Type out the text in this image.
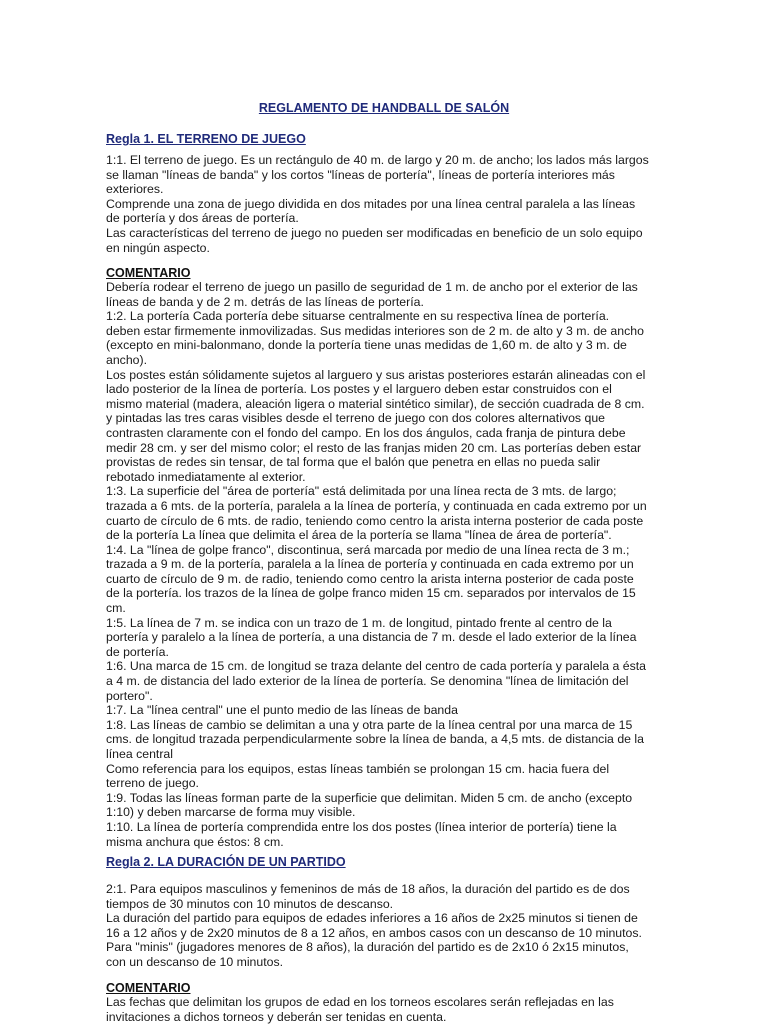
REGLAMENTO DE HANDBALL DE SALÓN
Regla 1. EL TERRENO DE JUEGO

1:1. El terreno de juego. Es un rectángulo de 40 m. de largo y 20 m. de ancho; los lados más largos

se llaman "líneas de banda" y los cortos "líneas de portería", líneas de portería interiores más

exteriores.

Comprende una zona de juego dividida en dos mitades por una línea central paralela a las líneas

de portería y dos áreas de portería.

Las características del terreno de juego no pueden ser modificadas en beneficio de un solo equipo

en ningún aspecto.

COMENTARIO

Debería rodear el terreno de juego un pasillo de seguridad de 1 m. de ancho por el exterior de las

líneas de banda y de 2 m. detrás de las líneas de portería.

1:2. La portería Cada portería debe situarse centralmente en su respectiva línea de portería.

deben estar firmemente inmovilizadas. Sus medidas interiores son de 2 m. de alto y 3 m. de ancho

(excepto en mini-balonmano, donde la portería tiene unas medidas de 1,60 m. de alto y 3 m. de

ancho).

Los postes están sólidamente sujetos al larguero y sus aristas posteriores estarán alineadas con el

lado posterior de la línea de portería. Los postes y el larguero deben estar construidos con el

mismo material (madera, aleación ligera o material sintético similar), de sección cuadrada de 8 cm.

y pintadas las tres caras visibles desde el terreno de juego con dos colores alternativos que

contrasten claramente con el fondo del campo. En los dos ángulos, cada franja de pintura debe

medir 28 cm. y ser del mismo color; el resto de las franjas miden 20 cm. Las porterías deben estar

provistas de redes sin tensar, de tal forma que el balón que penetra en ellas no pueda salir

rebotado inmediatamente al exterior.

1:3. La superficie del "área de portería" está delimitada por una línea recta de 3 mts. de largo;

trazada a 6 mts. de la portería, paralela a la línea de portería, y continuada en cada extremo por un

cuarto de círculo de 6 mts. de radio, teniendo como centro la arista interna posterior de cada poste

de la portería La línea que delimita el área de la portería se llama "línea de área de portería".

1:4. La "línea de golpe franco", discontinua, será marcada por medio de una línea recta de 3 m.;

trazada a 9 m. de la portería, paralela a la línea de portería y continuada en cada extremo por un

cuarto de círculo de 9 m. de radio, teniendo como centro la arista interna posterior de cada poste

de la portería. los trazos de la línea de golpe franco miden 15 cm. separados por intervalos de 15

cm.

1:5. La línea de 7 m. se indica con un trazo de 1 m. de longitud, pintado frente al centro de la

portería y paralelo a la línea de portería, a una distancia de 7 m. desde el lado exterior de la línea

de portería.

1:6. Una marca de 15 cm. de longitud se traza delante del centro de cada portería y paralela a ésta

a 4 m. de distancia del lado exterior de la línea de portería. Se denomina "línea de limitación del

portero".

1:7. La "línea central" une el punto medio de las líneas de banda

1:8. Las líneas de cambio se delimitan a una y otra parte de la línea central por una marca de 15

cms. de longitud trazada perpendicularmente sobre la línea de banda, a 4,5 mts. de distancia de la

línea central

Como referencia para los equipos, estas líneas también se prolongan 15 cm. hacia fuera del

terreno de juego.

1:9. Todas las líneas forman parte de la superficie que delimitan. Miden 5 cm. de ancho (excepto

1:10) y deben marcarse de forma muy visible.

1:10. La línea de portería comprendida entre los dos postes (línea interior de portería) tiene la

misma anchura que éstos: 8 cm.

Regla 2. LA DURACIÓN DE UN PARTIDO

2:1. Para equipos masculinos y femeninos de más de 18 años, la duración del partido es de dos

tiempos de 30 minutos con 10 minutos de descanso.

La duración del partido para equipos de edades inferiores a 16 años de 2x25 minutos si tienen de

16 a 12 años y de 2x20 minutos de 8 a 12 años, en ambos casos con un descanso de 10 minutos.

Para "minis" (jugadores menores de 8 años), la duración del partido es de 2x10 ó 2x15 minutos,

con un descanso de 10 minutos.

COMENTARIO

Las fechas que delimitan los grupos de edad en los torneos escolares serán reflejadas en las

invitaciones a dichos torneos y deberán ser tenidas en cuenta.
